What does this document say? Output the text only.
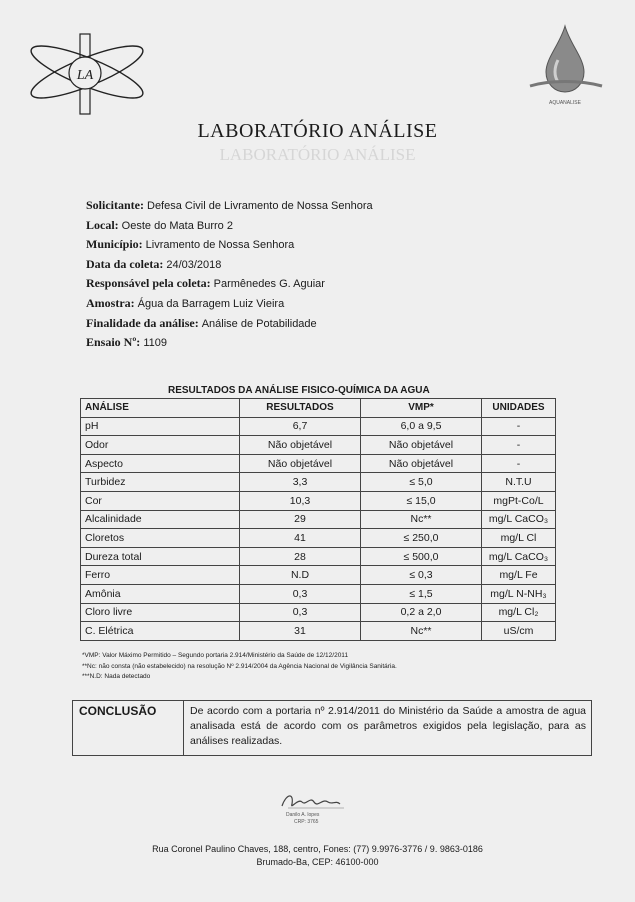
LA
AQUANALISE
LABORATÓRIO ANÁLISE
LABORATÓRIO ANÁLISE
Solicitante: Defesa Civil de Livramento de Nossa Senhora
Local: Oeste do Mata Burro 2
Município: Livramento de Nossa Senhora
Data da coleta: 24/03/2018
Responsável pela coleta: Parmênedes G. Aguiar
Amostra: Água da Barragem Luiz Vieira
Finalidade da análise: Análise de Potabilidade
Ensaio Nº: 1109
RESULTADOS DA ANÁLISE FISICO-QUÍMICA DA AGUA
ANÁLISE	RESULTADOS	VMP*	UNIDADES
pH	6,7	6,0 a 9,5	-
Odor	Não objetável	Não objetável	-
Aspecto	Não objetável	Não objetável	-
Turbidez	3,3	≤ 5,0	N.T.U
Cor	10,3	≤ 15,0	mgPt-Co/L
Alcalinidade	29	Nc**	mg/L CaCO₃
Cloretos	41	≤ 250,0	mg/L Cl
Dureza total	28	≤ 500,0	mg/L CaCO₃
Ferro	N.D	≤ 0,3	mg/L Fe
Amônia	0,3	≤ 1,5	mg/L N-NH₃
Cloro livre	0,3	0,2 a 2,0	mg/L Cl₂
C. Elétrica	31	Nc**	uS/cm
*VMP: Valor Máximo Permitido – Segundo portaria 2.914/Ministério da Saúde de 12/12/2011
**Nc: não consta (não estabelecido) na resolução Nº 2.914/2004 da Agência Nacional de Vigilância Sanitária.
***N.D: Nada detectado
CONCLUSÃO	De acordo com a portaria nº 2.914/2011 do Ministério da Saúde a amostra de agua analisada está de acordo com os parâmetros exigidos pela legislação, para as análises realizadas.
Danilo A. lopes
CRP: 3765
Rua Coronel Paulino Chaves, 188, centro, Fones: (77) 9.9976-3776 / 9. 9863-0186
Brumado-Ba, CEP: 46100-000
